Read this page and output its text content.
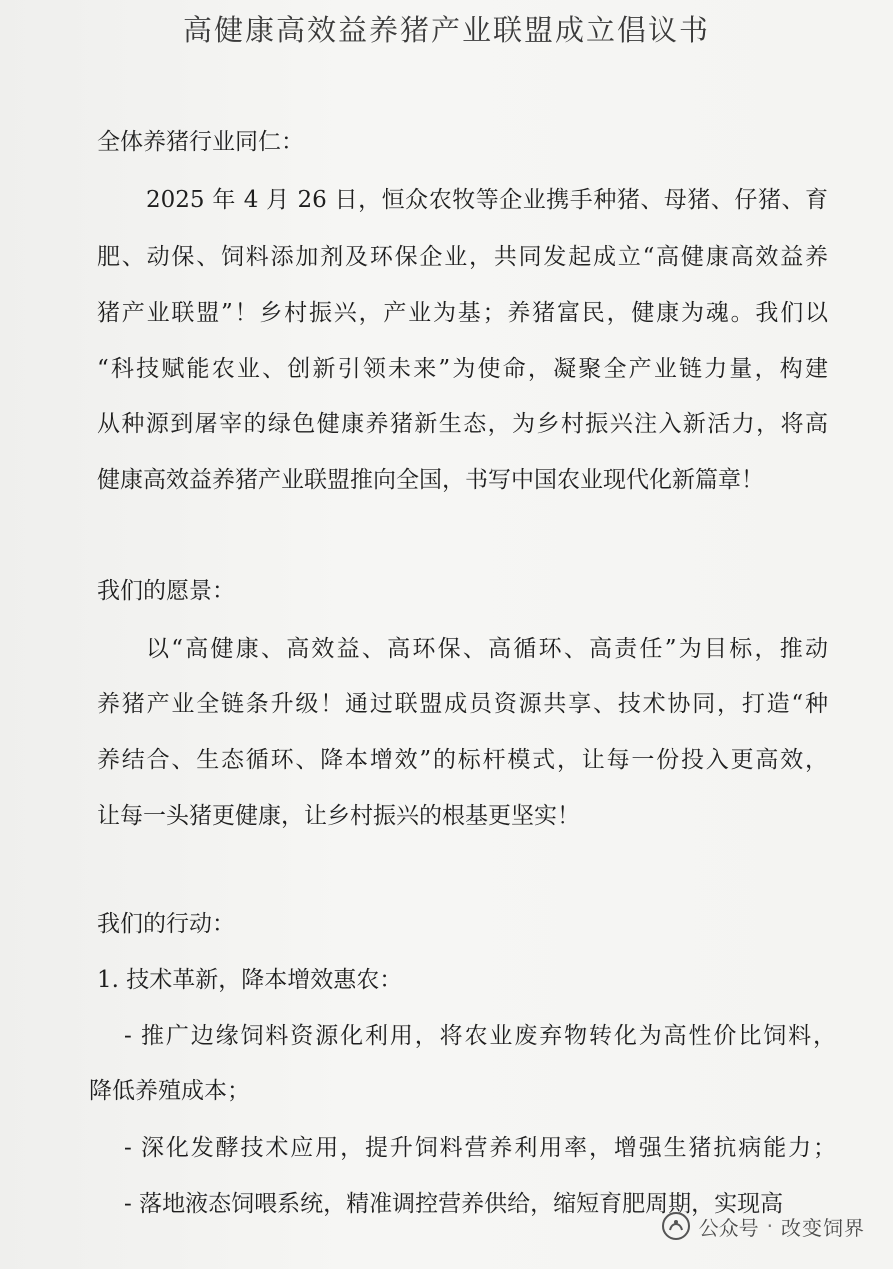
高健康高效益养猪产业联盟成立倡议书
全体养猪行业同仁：
2025 年 4 月 26 日，恒众农牧等企业携手种猪、母猪、仔猪、育
肥、动保、饲料添加剂及环保企业，共同发起成立“高健康高效益养
猪产业联盟”！乡村振兴，产业为基；养猪富民，健康为魂。我们以
“科技赋能农业、创新引领未来”为使命，凝聚全产业链力量，构建
从种源到屠宰的绿色健康养猪新生态，为乡村振兴注入新活力，将高
健康高效益养猪产业联盟推向全国，书写中国农业现代化新篇章！
我们的愿景：
以“高健康、高效益、高环保、高循环、高责任”为目标，推动
养猪产业全链条升级！通过联盟成员资源共享、技术协同，打造“种
养结合、生态循环、降本增效”的标杆模式，让每一份投入更高效，
让每一头猪更健康，让乡村振兴的根基更坚实！
我们的行动：
1. 技术革新，降本增效惠农：
- 推广边缘饲料资源化利用，将农业废弃物转化为高性价比饲料，
降低养殖成本；
- 深化发酵技术应用，提升饲料营养利用率，增强生猪抗病能力；
- 落地液态饲喂系统，精准调控营养供给，缩短育肥周期，实现高
公众号 · 改变饲界
